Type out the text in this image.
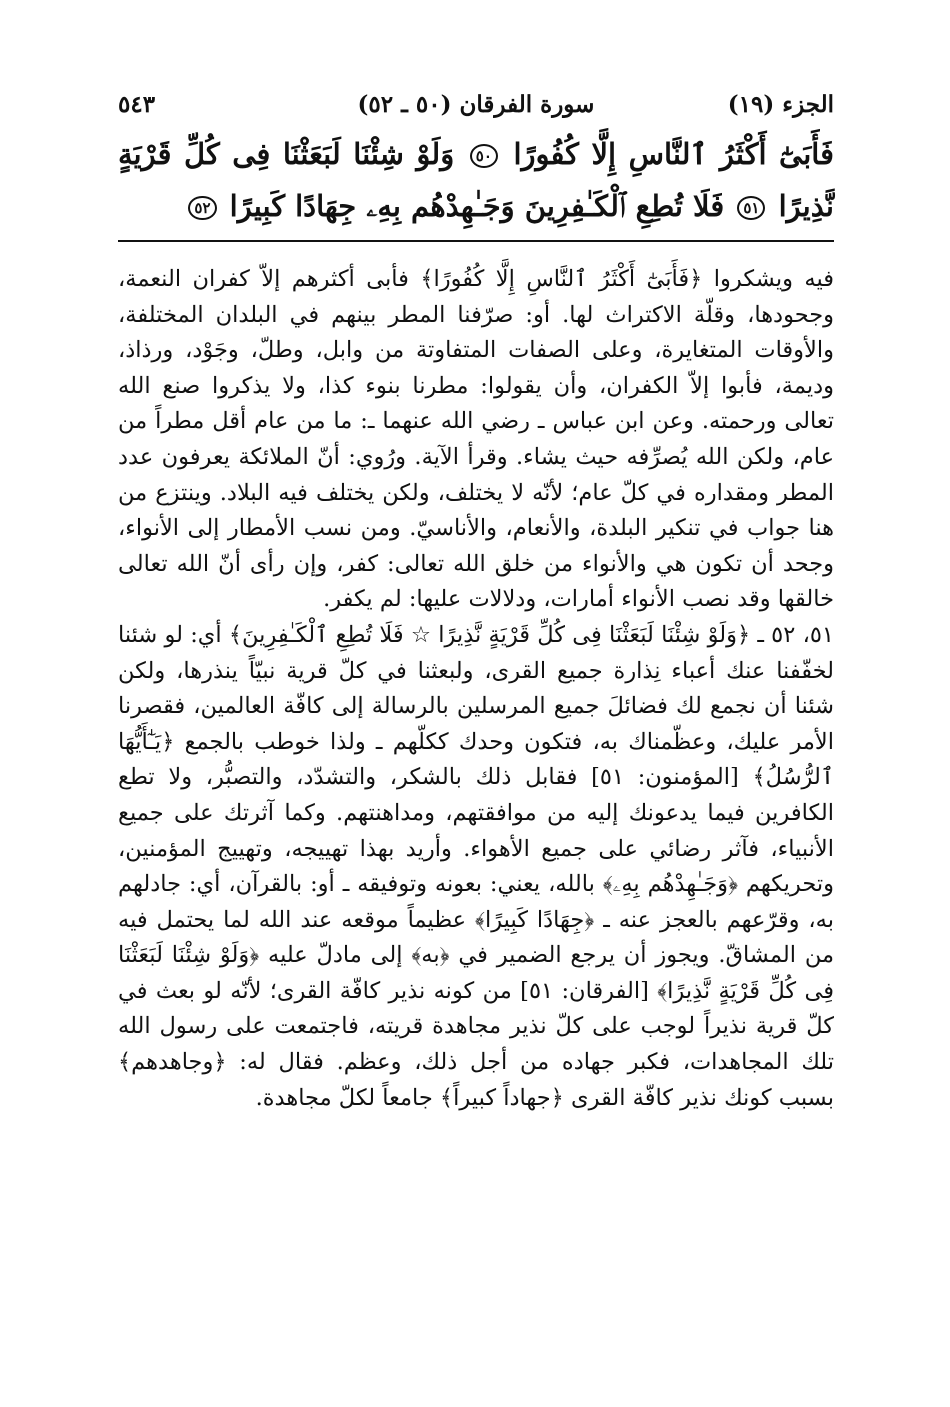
الجزء (١٩)
سورة الفرقان (٥٠ ـ ٥٢)
٥٤٣
فَأَبَىٰٓ أَكْثَرُ ٱلنَّاسِ إِلَّا كُفُورًا ٥٠ وَلَوْ شِئْنَا لَبَعَثْنَا فِى كُلِّ قَرْيَةٍ نَّذِيرًا ٥١ فَلَا تُطِعِ ٱلْكَـٰفِرِينَ وَجَـٰهِدْهُم بِهِۦ جِهَادًا كَبِيرًا ٥٢

فيه ويشكروا ﴿فَأَبَىٰٓ أَكْثَرُ ٱلنَّاسِ إِلَّا كُفُورًا﴾ فأبى أكثرهم إلاّ كفران النعمة، وجحودها، وقلّة الاكتراث لها. أو: صرّفنا المطر بينهم في البلدان المختلفة، والأوقات المتغايرة، وعلى الصفات المتفاوتة من وابل، وطلّ، وجَوْد، ورذاذ، وديمة، فأبوا إلاّ الكفران، وأن يقولوا: مطرنا بنوء كذا، ولا يذكروا صنع الله تعالى ورحمته. وعن ابن عباس ـ رضي الله عنهما ـ: ما من عام أقل مطراً من عام، ولكن الله يُصرِّفه حيث يشاء. وقرأ الآية. ورُوي: أنّ الملائكة يعرفون عدد المطر ومقداره في كلّ عام؛ لأنّه لا يختلف، ولكن يختلف فيه البلاد. وينتزع من هنا جواب في تنكير البلدة، والأنعام، والأناسيّ. ومن نسب الأمطار إلى الأنواء، وجحد أن تكون هي والأنواء من خلق الله تعالى: كفر، وإن رأى أنّ الله تعالى خالقها وقد نصب الأنواء أمارات، ودلالات عليها: لم يكفر.

٥١، ٥٢ ـ ﴿وَلَوْ شِئْنَا لَبَعَثْنَا فِى كُلِّ قَرْيَةٍ نَّذِيرًا ☆ فَلَا تُطِعِ ٱلْكَـٰفِرِينَ﴾ أي: لو شئنا لخفّفنا عنك أعباء نِذارة جميع القرى، ولبعثنا في كلّ قرية نبيّاً ينذرها، ولكن شئنا أن نجمع لك فضائلَ جميع المرسلين بالرسالة إلى كافّة العالمين، فقصرنا الأمر عليك، وعظّمناك به، فتكون وحدك ككلّهم ـ ولذا خوطب بالجمع ﴿يَـٰٓأَيُّهَا ٱلرُّسُلُ﴾ [المؤمنون: ٥١] فقابل ذلك بالشكر، والتشدّد، والتصبُّر، ولا تطع الكافرين فيما يدعونك إليه من موافقتهم، ومداهنتهم. وكما آثرتك على جميع الأنبياء، فآثر رضائي على جميع الأهواء. وأريد بهذا تهييجه، وتهييج المؤمنين، وتحريكهم ﴿وَجَـٰهِدْهُم بِهِۦ﴾ بالله، يعني: بعونه وتوفيقه ـ أو: بالقرآن، أي: جادلهم به، وقرّعهم بالعجز عنه ـ ﴿جِهَادًا كَبِيرًا﴾ عظيماً موقعه عند الله لما يحتمل فيه من المشاقّ. ويجوز أن يرجع الضمير في ﴿به﴾ إلى مادلّ عليه ﴿وَلَوْ شِئْنَا لَبَعَثْنَا فِى كُلِّ قَرْيَةٍ نَّذِيرًا﴾ [الفرقان: ٥١] من كونه نذير كافّة القرى؛ لأنّه لو بعث في كلّ قرية نذيراً لوجب على كلّ نذير مجاهدة قريته، فاجتمعت على رسول الله تلك المجاهدات، فكبر جهاده من أجل ذلك، وعظم. فقال له: ﴿وجاهدهم﴾ بسبب كونك نذير كافّة القرى ﴿جهاداً كبيراً﴾ جامعاً لكلّ مجاهدة.
